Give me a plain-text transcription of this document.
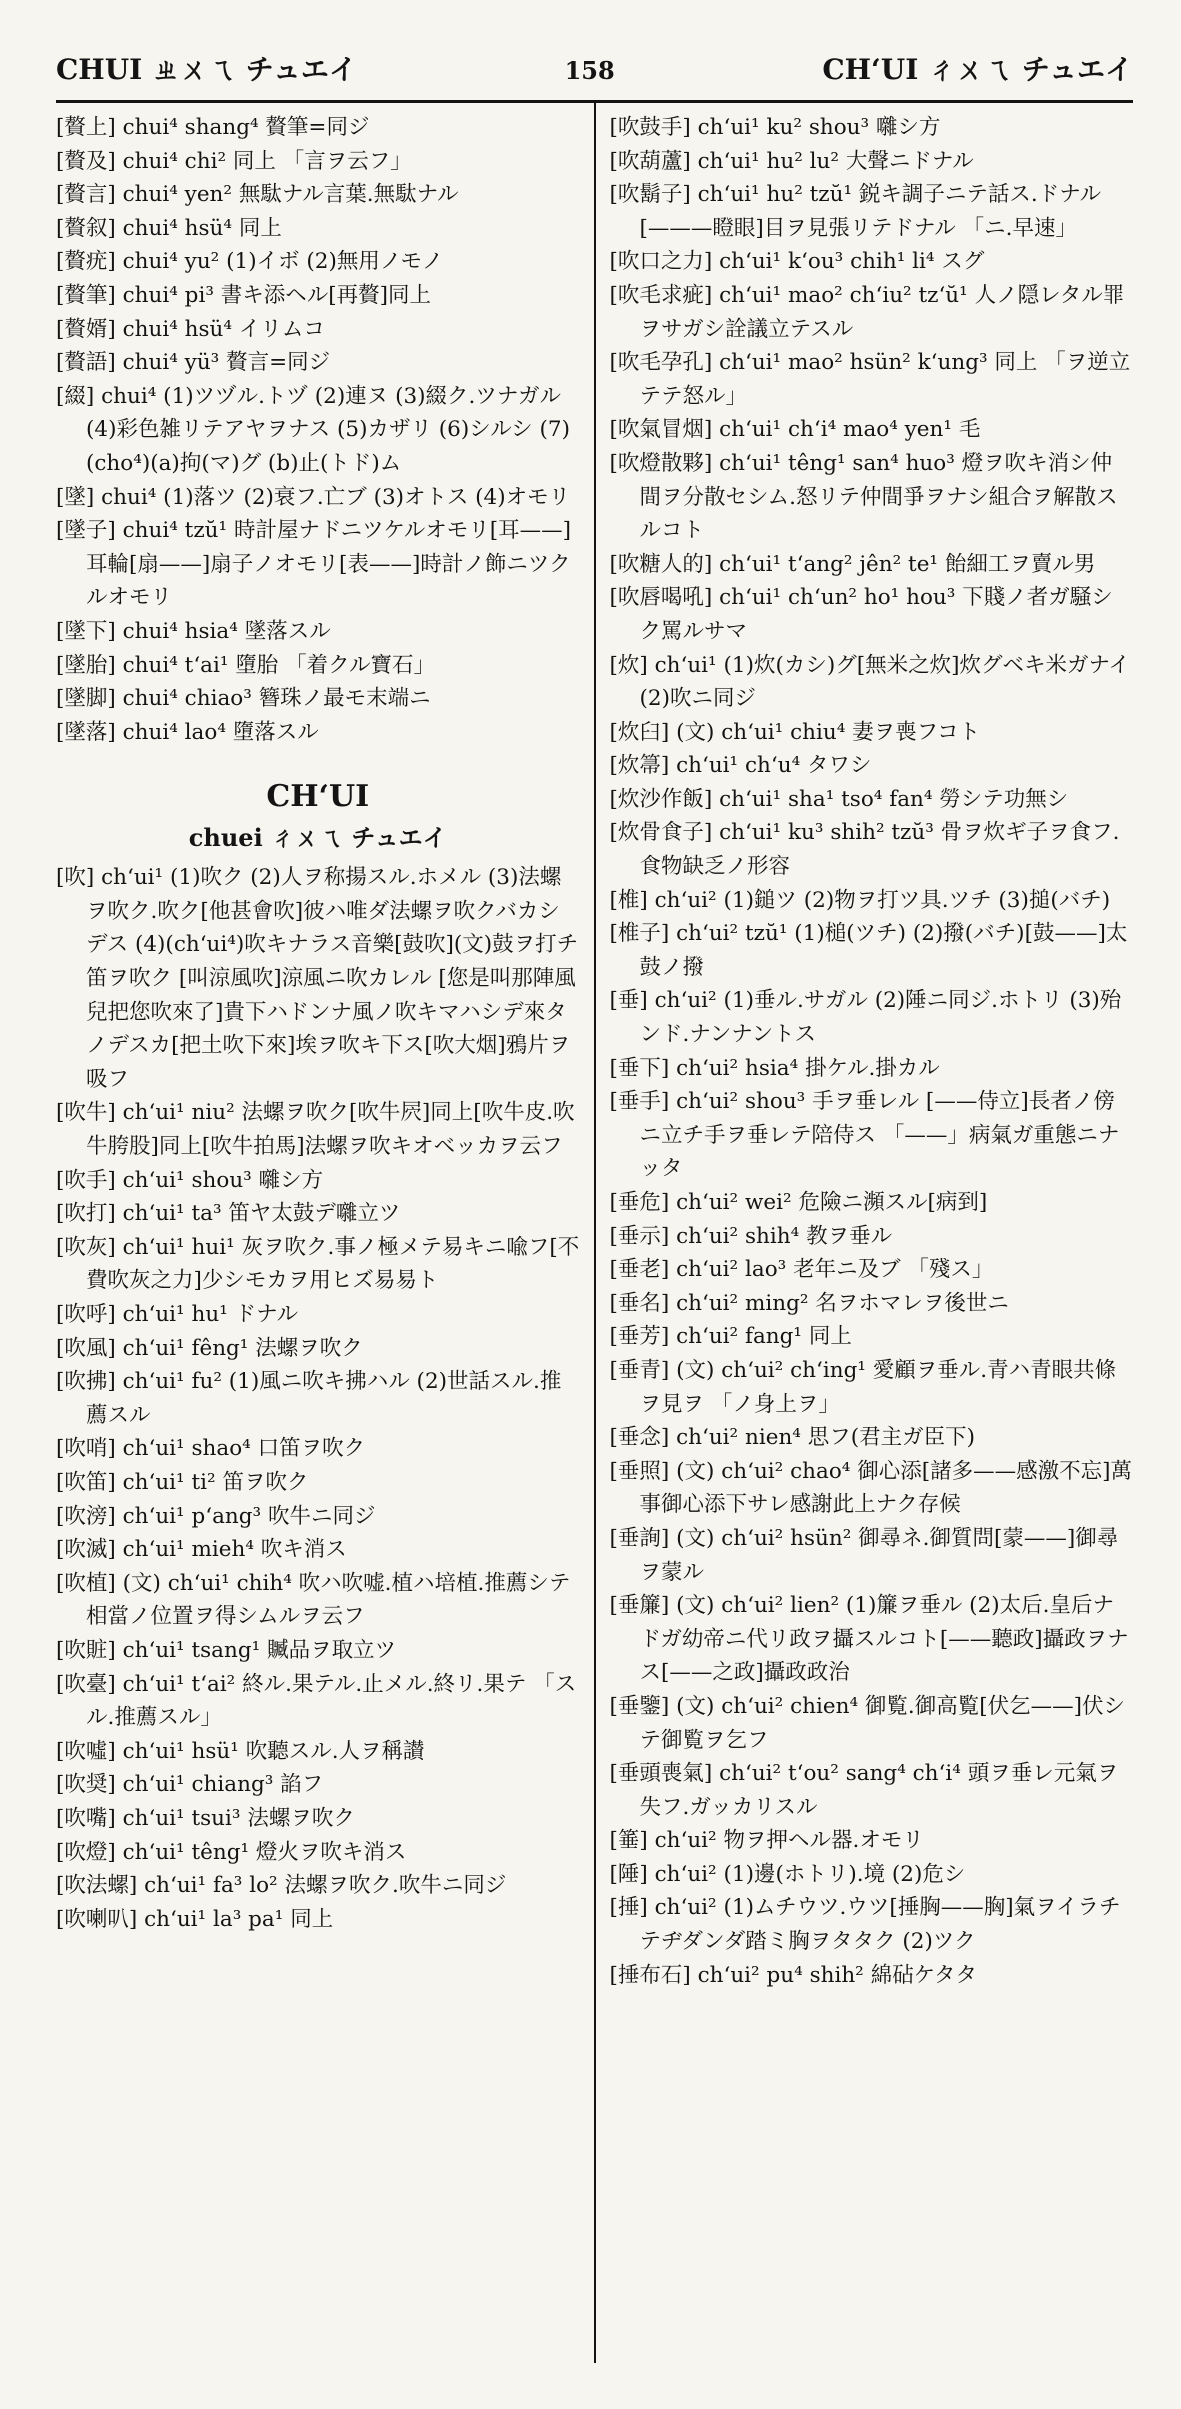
CHUI ㄓㄨㄟ チュエイ	158	CH‘UI ㄔㄨㄟ チュエイ
[贅上] chui⁴ shang⁴ 贅筆=同ジ
[贅及] chui⁴ chi² 同上 「言ヲ云フ」
[贅言] chui⁴ yen² 無駄ナル言葉.無駄ナル
[贅叙] chui⁴ hsü⁴ 同上
[贅疣] chui⁴ yu² (1)イボ (2)無用ノモノ
[贅筆] chui⁴ pi³ 書キ添ヘル[再贅]同上
[贅婿] chui⁴ hsü⁴ イリムコ
[贅語] chui⁴ yü³ 贅言=同ジ
[綴] chui⁴ (1)ツヅル.トヅ (2)連ヌ (3)綴ク.ツナガル (4)彩色雑リテアヤヲナス (5)カザリ (6)シルシ (7)(cho⁴)(a)拘(マ)グ (b)止(トド)ム
[墜] chui⁴ (1)落ツ (2)衰フ.亡ブ (3)オトス (4)オモリ
[墜子] chui⁴ tzŭ¹ 時計屋ナドニツケルオモリ[耳——]耳輪[扇——]扇子ノオモリ[表——]時計ノ飾ニツクルオモリ
[墜下] chui⁴ hsia⁴ 墜落スル
[墜胎] chui⁴ t‘ai¹ 墮胎 「着クル寶石」
[墜脚] chui⁴ chiao³ 簪珠ノ最モ末端ニ
[墜落] chui⁴ lao⁴ 墮落スル
CH‘UI
chuei ㄔㄨㄟ チュエイ
[吹] ch‘ui¹ (1)吹ク (2)人ヲ称揚スル.ホメル (3)法螺ヲ吹ク.吹ク[他甚會吹]彼ハ唯ダ法螺ヲ吹クバカシデス (4)(ch‘ui⁴)吹キナラス音樂[鼓吹](文)鼓ヲ打チ笛ヲ吹ク [叫涼風吹]涼風ニ吹カレル [您是叫那陣風兒把您吹來了]貴下ハドンナ風ノ吹キマハシデ來タノデスカ[把土吹下來]埃ヲ吹キ下ス[吹大烟]鴉片ヲ吸フ
[吹牛] ch‘ui¹ niu² 法螺ヲ吹ク[吹牛屄]同上[吹牛皮.吹牛胯股]同上[吹牛拍馬]法螺ヲ吹キオベッカヲ云フ
[吹手] ch‘ui¹ shou³ 囃シ方
[吹打] ch‘ui¹ ta³ 笛ヤ太鼓デ囃立ツ
[吹灰] ch‘ui¹ hui¹ 灰ヲ吹ク.事ノ極メテ易キニ喩フ[不費吹灰之力]少シモカヲ用ヒズ易易ト
[吹呼] ch‘ui¹ hu¹ ドナル
[吹風] ch‘ui¹ fêng¹ 法螺ヲ吹ク
[吹拂] ch‘ui¹ fu² (1)風ニ吹キ拂ハル (2)世話スル.推薦スル
[吹哨] ch‘ui¹ shao⁴ 口笛ヲ吹ク
[吹笛] ch‘ui¹ ti² 笛ヲ吹ク
[吹滂] ch‘ui¹ p‘ang³ 吹牛ニ同ジ
[吹滅] ch‘ui¹ mieh⁴ 吹キ消ス
[吹植] (文) ch‘ui¹ chih⁴ 吹ハ吹嘘.植ハ培植.推薦シテ相當ノ位置ヲ得シムルヲ云フ
[吹賍] ch‘ui¹ tsang¹ 贓品ヲ取立ツ
[吹臺] ch‘ui¹ t‘ai² 終ル.果テル.止メル.終リ.果テ 「スル.推薦スル」
[吹噓] ch‘ui¹ hsü¹ 吹聽スル.人ヲ稱讃
[吹奨] ch‘ui¹ chiang³ 諂フ
[吹嘴] ch‘ui¹ tsui³ 法螺ヲ吹ク
[吹燈] ch‘ui¹ têng¹ 燈火ヲ吹キ消ス
[吹法螺] ch‘ui¹ fa³ lo² 法螺ヲ吹ク.吹牛ニ同ジ
[吹喇叭] ch‘ui¹ la³ pa¹ 同上
[吹鼓手] ch‘ui¹ ku² shou³ 囃シ方
[吹葫蘆] ch‘ui¹ hu² lu² 大聲ニドナル
[吹鬍子] ch‘ui¹ hu² tzŭ¹ 鋭キ調子ニテ話ス.ドナル[———瞪眼]目ヲ見張リテドナル 「ニ.早速」
[吹口之力] ch‘ui¹ k‘ou³ chih¹ li⁴ スグ
[吹毛求疵] ch‘ui¹ mao² ch‘iu² tz‘ŭ¹ 人ノ隠レタル罪ヲサガシ詮議立テスル
[吹毛孕孔] ch‘ui¹ mao² hsün² k‘ung³ 同上 「ヲ逆立テテ怒ル」
[吹氣冒烟] ch‘ui¹ ch‘i⁴ mao⁴ yen¹ 毛
[吹燈散夥] ch‘ui¹ têng¹ san⁴ huo³ 燈ヲ吹キ消シ仲間ヲ分散セシム.怒リテ仲間爭ヲナシ組合ヲ解散スルコト
[吹糖人的] ch‘ui¹ t‘ang² jên² te¹ 飴細工ヲ賣ル男
[吹唇喝吼] ch‘ui¹ ch‘un² ho¹ hou³ 下賤ノ者ガ騒シク罵ルサマ
[炊] ch‘ui¹ (1)炊(カシ)グ[無米之炊]炊グベキ米ガナイ (2)吹ニ同ジ
[炊臼] (文) ch‘ui¹ chiu⁴ 妻ヲ喪フコト
[炊箒] ch‘ui¹ ch‘u⁴ タワシ
[炊沙作飯] ch‘ui¹ sha¹ tso⁴ fan⁴ 勞シテ功無シ
[炊骨食子] ch‘ui¹ ku³ shih² tzŭ³ 骨ヲ炊ギ子ヲ食フ.食物缺乏ノ形容
[椎] ch‘ui² (1)鎚ツ (2)物ヲ打ツ具.ツチ (3)搥(バチ)
[椎子] ch‘ui² tzŭ¹ (1)槌(ツチ) (2)撥(バチ)[鼓——]太鼓ノ撥
[垂] ch‘ui² (1)垂ル.サガル (2)陲ニ同ジ.ホトリ (3)殆ンド.ナンナントス
[垂下] ch‘ui² hsia⁴ 掛ケル.掛カル
[垂手] ch‘ui² shou³ 手ヲ垂レル [——侍立]長者ノ傍ニ立チ手ヲ垂レテ陪侍ス 「——」病氣ガ重態ニナッタ
[垂危] ch‘ui² wei² 危險ニ瀕スル[病到]
[垂示] ch‘ui² shih⁴ 教ヲ垂ル
[垂老] ch‘ui² lao³ 老年ニ及ブ 「殘ス」
[垂名] ch‘ui² ming² 名ヲホマレヲ後世ニ
[垂芳] ch‘ui² fang¹ 同上
[垂青] (文) ch‘ui² ch‘ing¹ 愛顧ヲ垂ル.青ハ青眼共條ヲ見ヲ 「ノ身上ヲ」
[垂念] ch‘ui² nien⁴ 思フ(君主ガ臣下)
[垂照] (文) ch‘ui² chao⁴ 御心添[諸多——感激不忘]萬事御心添下サレ感謝此上ナク存候
[垂詢] (文) ch‘ui² hsün² 御尋ネ.御質問[蒙——]御尋ヲ蒙ル
[垂簾] (文) ch‘ui² lien² (1)簾ヲ垂ル (2)太后.皇后ナドガ幼帝ニ代リ政ヲ攝スルコト[——聽政]攝政ヲナス[——之政]攝政政治
[垂鑒] (文) ch‘ui² chien⁴ 御覧.御高覧[伏乞——]伏シテ御覧ヲ乞フ
[垂頭喪氣] ch‘ui² t‘ou² sang⁴ ch‘i⁴ 頭ヲ垂レ元氣ヲ失フ.ガッカリスル
[箠] ch‘ui² 物ヲ押ヘル器.オモリ
[陲] ch‘ui² (1)邊(ホトリ).境 (2)危シ
[捶] ch‘ui² (1)ムチウツ.ウツ[捶胸——胸]氣ヲイラチテヂダンダ踏ミ胸ヲタタク (2)ツク
[捶布石] ch‘ui² pu⁴ shih² 綿砧ケタタ
